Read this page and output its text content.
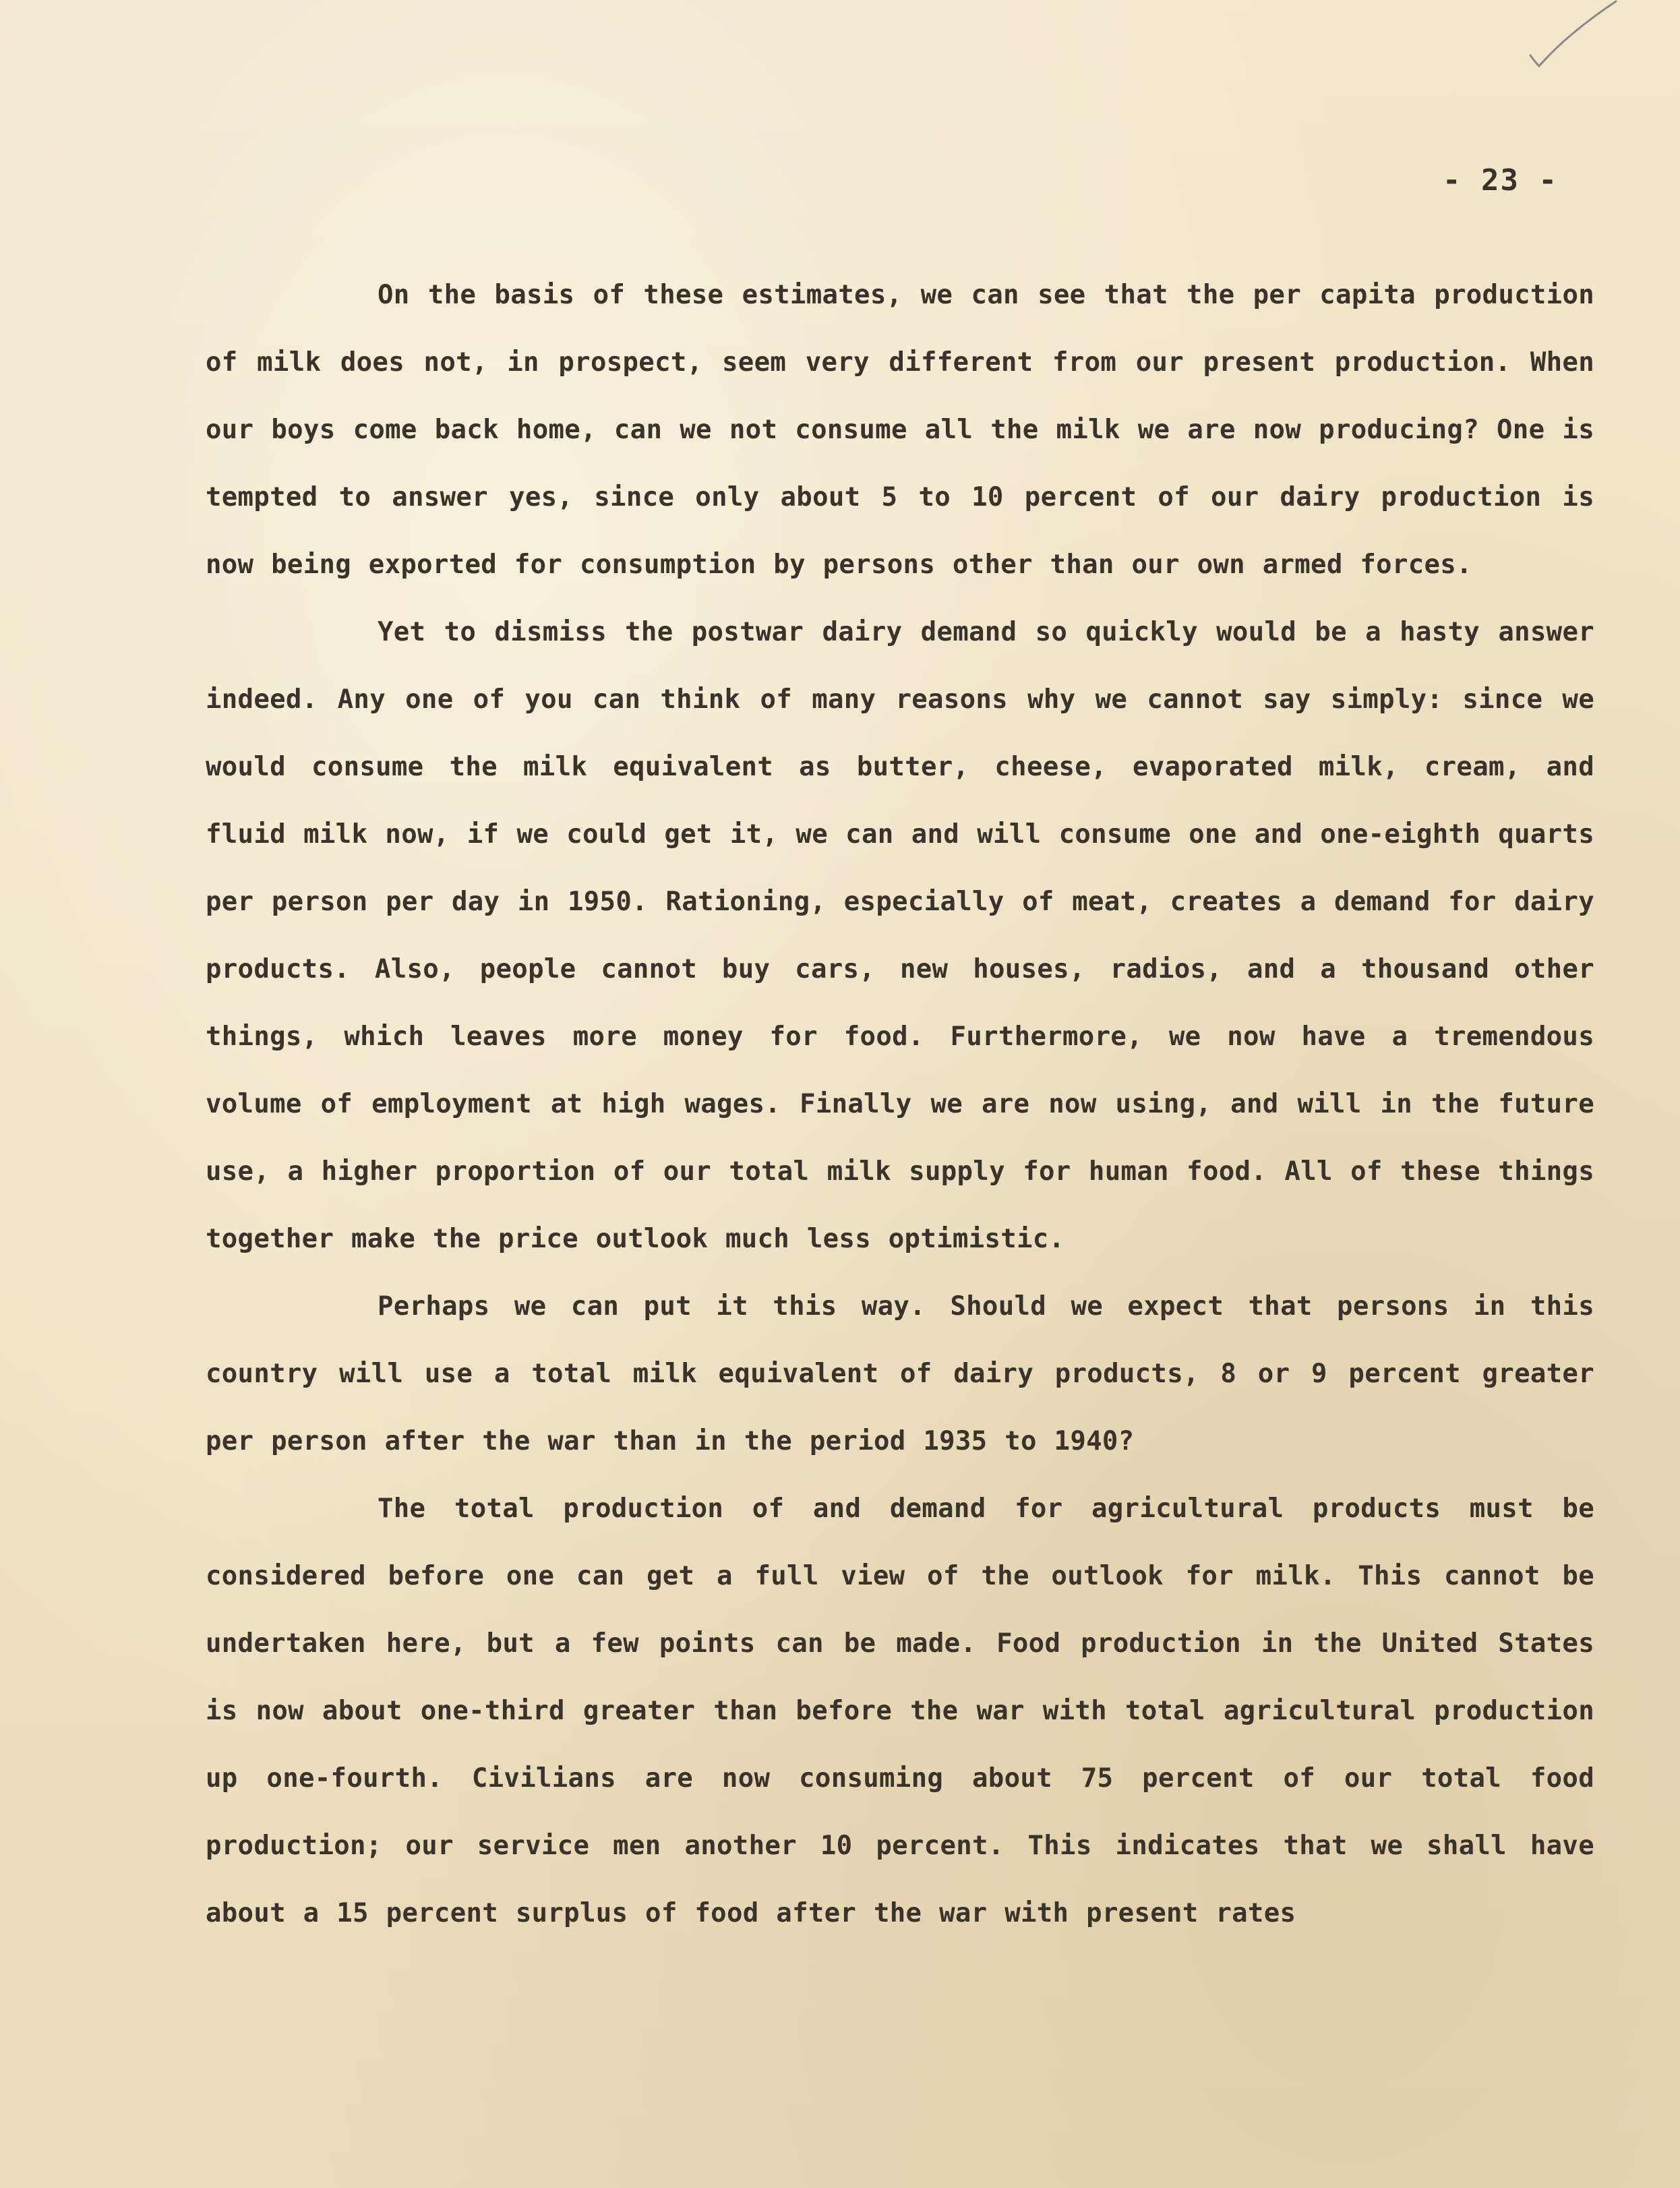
- 23 -

On the basis of these estimates, we can see that the per capita production of milk does not, in prospect, seem very different from our present production. When our boys come back home, can we not consume all the milk we are now producing? One is tempted to answer yes, since only about 5 to 10 percent of our dairy production is now being exported for consumption by persons other than our own armed forces.

Yet to dismiss the postwar dairy demand so quickly would be a hasty answer indeed. Any one of you can think of many reasons why we cannot say simply: since we would consume the milk equivalent as butter, cheese, evaporated milk, cream, and fluid milk now, if we could get it, we can and will consume one and one-eighth quarts per person per day in 1950. Rationing, especially of meat, creates a demand for dairy products. Also, people cannot buy cars, new houses, radios, and a thousand other things, which leaves more money for food. Furthermore, we now have a tremendous volume of employment at high wages. Finally we are now using, and will in the future use, a higher proportion of our total milk supply for human food. All of these things together make the price outlook much less optimistic.

Perhaps we can put it this way. Should we expect that persons in this country will use a total milk equivalent of dairy products, 8 or 9 percent greater per person after the war than in the period 1935 to 1940?

The total production of and demand for agricultural products must be considered before one can get a full view of the outlook for milk. This cannot be undertaken here, but a few points can be made. Food production in the United States is now about one-third greater than before the war with total agricultural production up one-fourth. Civilians are now consuming about 75 percent of our total food production; our service men another 10 percent. This indicates that we shall have about a 15 percent surplus of food after the war with present rates
